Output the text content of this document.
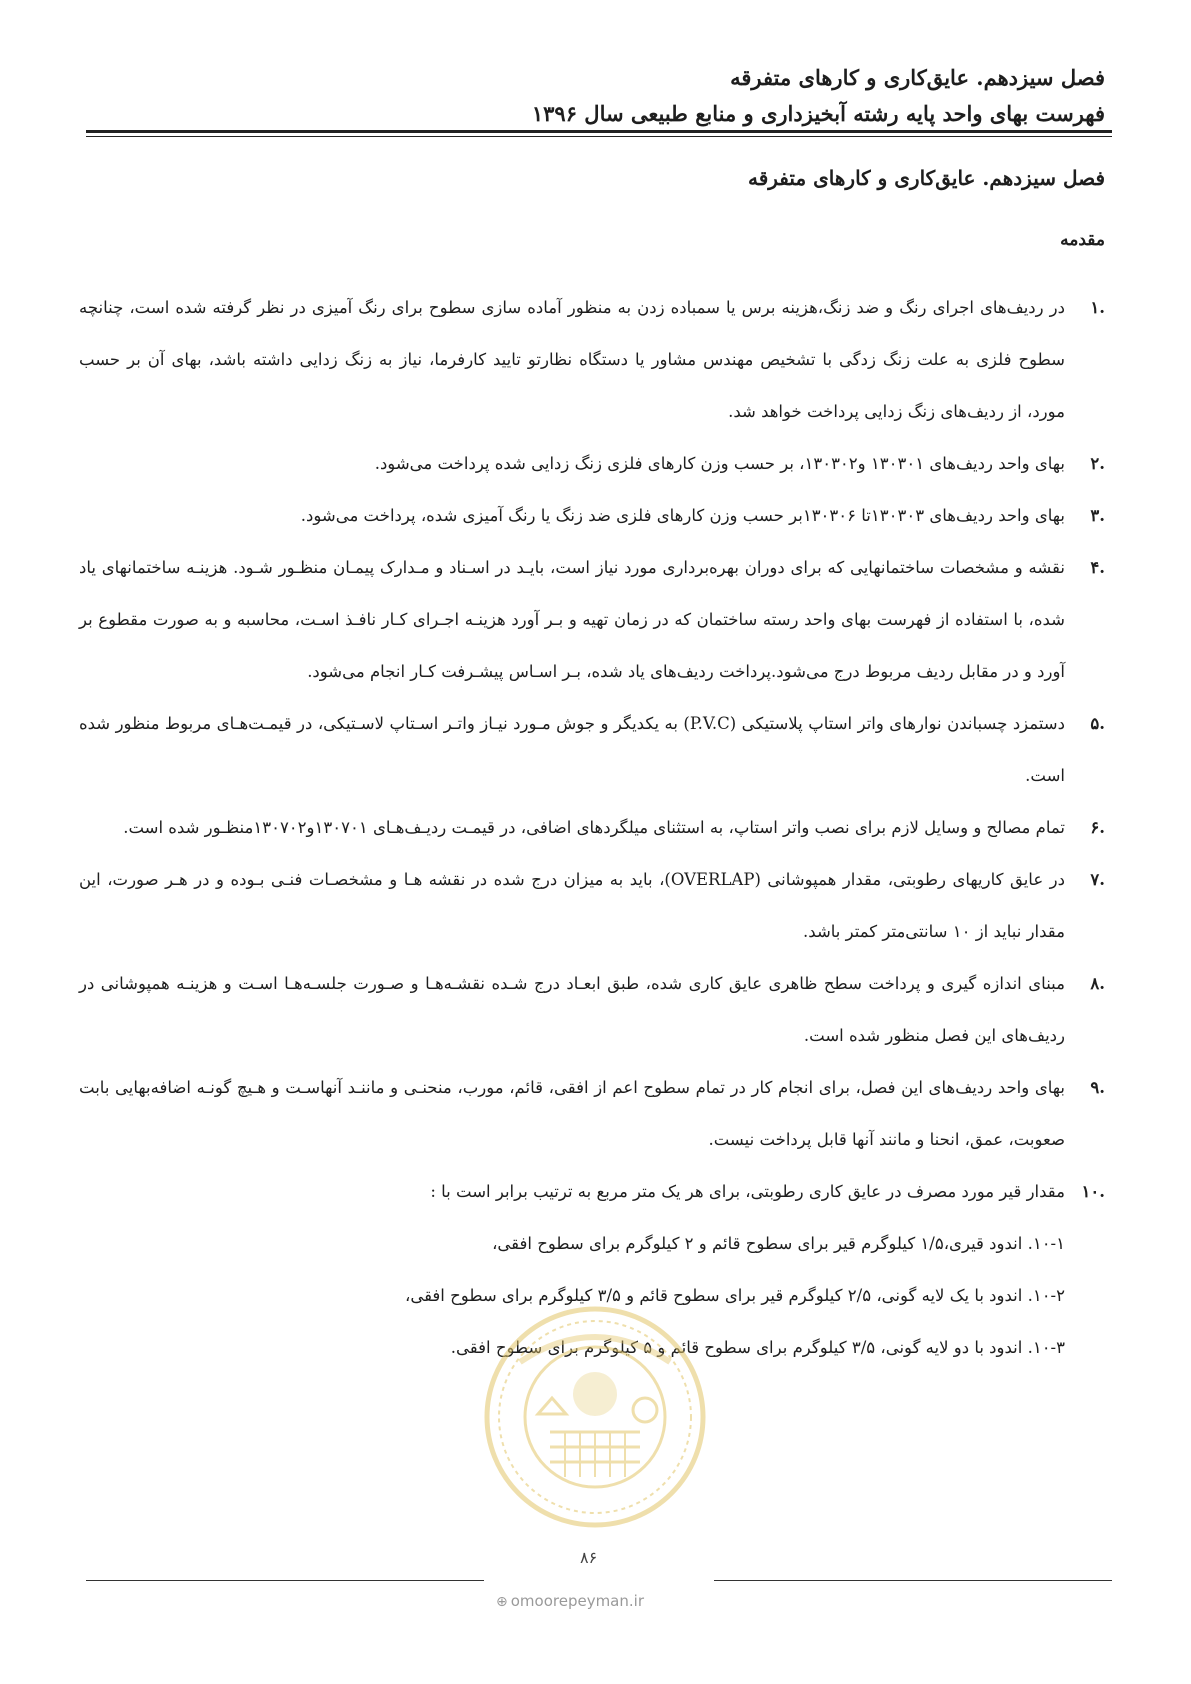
فصل سیزدهم. عایق‌کاری و کارهای متفرقه
فهرست بهای واحد پایه رشته آبخیزداری و منابع طبیعی سال ۱۳۹۶
فصل سیزدهم. عایق‌کاری و کارهای متفرقه
مقدمه
.۱
در ردیف‌های اجرای رنگ و ضد زنگ،هزینه برس یا سمباده زدن به منظور آماده سازی سطوح برای رنگ آمیزی در نظر گرفته شده است، چنانچه سطوح فلزی به علت زنگ زدگی با تشخیص مهندس مشاور یا دستگاه نظارتو تایید کارفرما، نیاز به زنگ زدایی داشته باشد، بهای آن بر حسب مورد، از ردیف‌های زنگ زدایی پرداخت خواهد شد.
.۲
بهای واحد ردیف‌های ۱۳۰۳۰۱ و۱۳۰۳۰۲، بر حسب وزن کارهای فلزی زنگ زدایی شده پرداخت می‌شود.
.۳
بهای واحد ردیف‌های ۱۳۰۳۰۳تا ۱۳۰۳۰۶بر حسب وزن کارهای فلزی ضد زنگ یا رنگ آمیزی شده، پرداخت می‌شود.
.۴
نقشه و مشخصات ساختمانهایی که برای دوران بهره‌برداری مورد نیاز است، بایـد در اسـناد و مـدارک پیمـان منظـور شـود. هزینـه ساختمانهای یاد شده، با استفاده از فهرست بهای واحد رسته ساختمان که در زمان تهیه و بـر آورد هزینـه اجـرای کـار نافـذ اسـت، محاسبه و به صورت مقطوع بر آورد و در مقابل ردیف مربوط درج می‌شود.پرداخت ردیف‌های یاد شده، بـر اسـاس پیشـرفت کـار انجام می‌شود.
.۵
دستمزد چسباندن نوارهای واتر استاپ پلاستیکی (P.V.C) به یکدیگر و جوش مـورد نیـاز واتـر اسـتاپ لاسـتیکی، در قیمـت‌هـای مربوط منظور شده است.
.۶
تمام مصالح و وسایل لازم برای نصب واتر استاپ، به استثنای میلگردهای اضافی، در قیمـت ردیـف‌هـای ۱۳۰۷۰۱و۱۳۰۷۰۲منظـور شده است.
.۷
در عایق کاریهای رطوبتی، مقدار همپوشانی (OVERLAP)، باید به میزان درج شده در نقشه هـا و مشخصـات فنـی بـوده و در هـر صورت، این مقدار نباید از ۱۰ سانتی‌متر کمتر باشد.
.۸
مبنای اندازه گیری و پرداخت سطح ظاهری عایق کاری شده، طبق ابعـاد درج شـده نقشـه‌هـا و صـورت جلسـه‌هـا اسـت و هزینـه همپوشانی در ردیف‌های این فصل منظور شده است.
.۹
بهای واحد ردیف‌های این فصل، برای انجام کار در تمام سطوح اعم از افقی، قائم، مورب، منحنـی و ماننـد آنهاسـت و هـیچ گونـه اضافه‌بهایی بابت صعوبت، عمق، انحنا و مانند آنها قابل پرداخت نیست.
.۱۰
مقدار قیر مورد مصرف در عایق کاری رطوبتی، برای هر یک متر مربع به ترتیب برابر است با :
۱۰-۱. اندود قیری،۱/۵ کیلوگرم قیر برای سطوح قائم و ۲ کیلوگرم برای سطوح افقی،
۱۰-۲. اندود با یک لایه گونی، ۲/۵ کیلوگرم قیر برای سطوح قائم و ۳/۵ کیلوگرم برای سطوح افقی،
۱۰-۳. اندود با دو لایه گونی، ۳/۵ کیلوگرم برای سطوح قائم و ۵ کیلوگرم برای سطوح افقی.
۸۶
⊕ omoorepeyman.ir
